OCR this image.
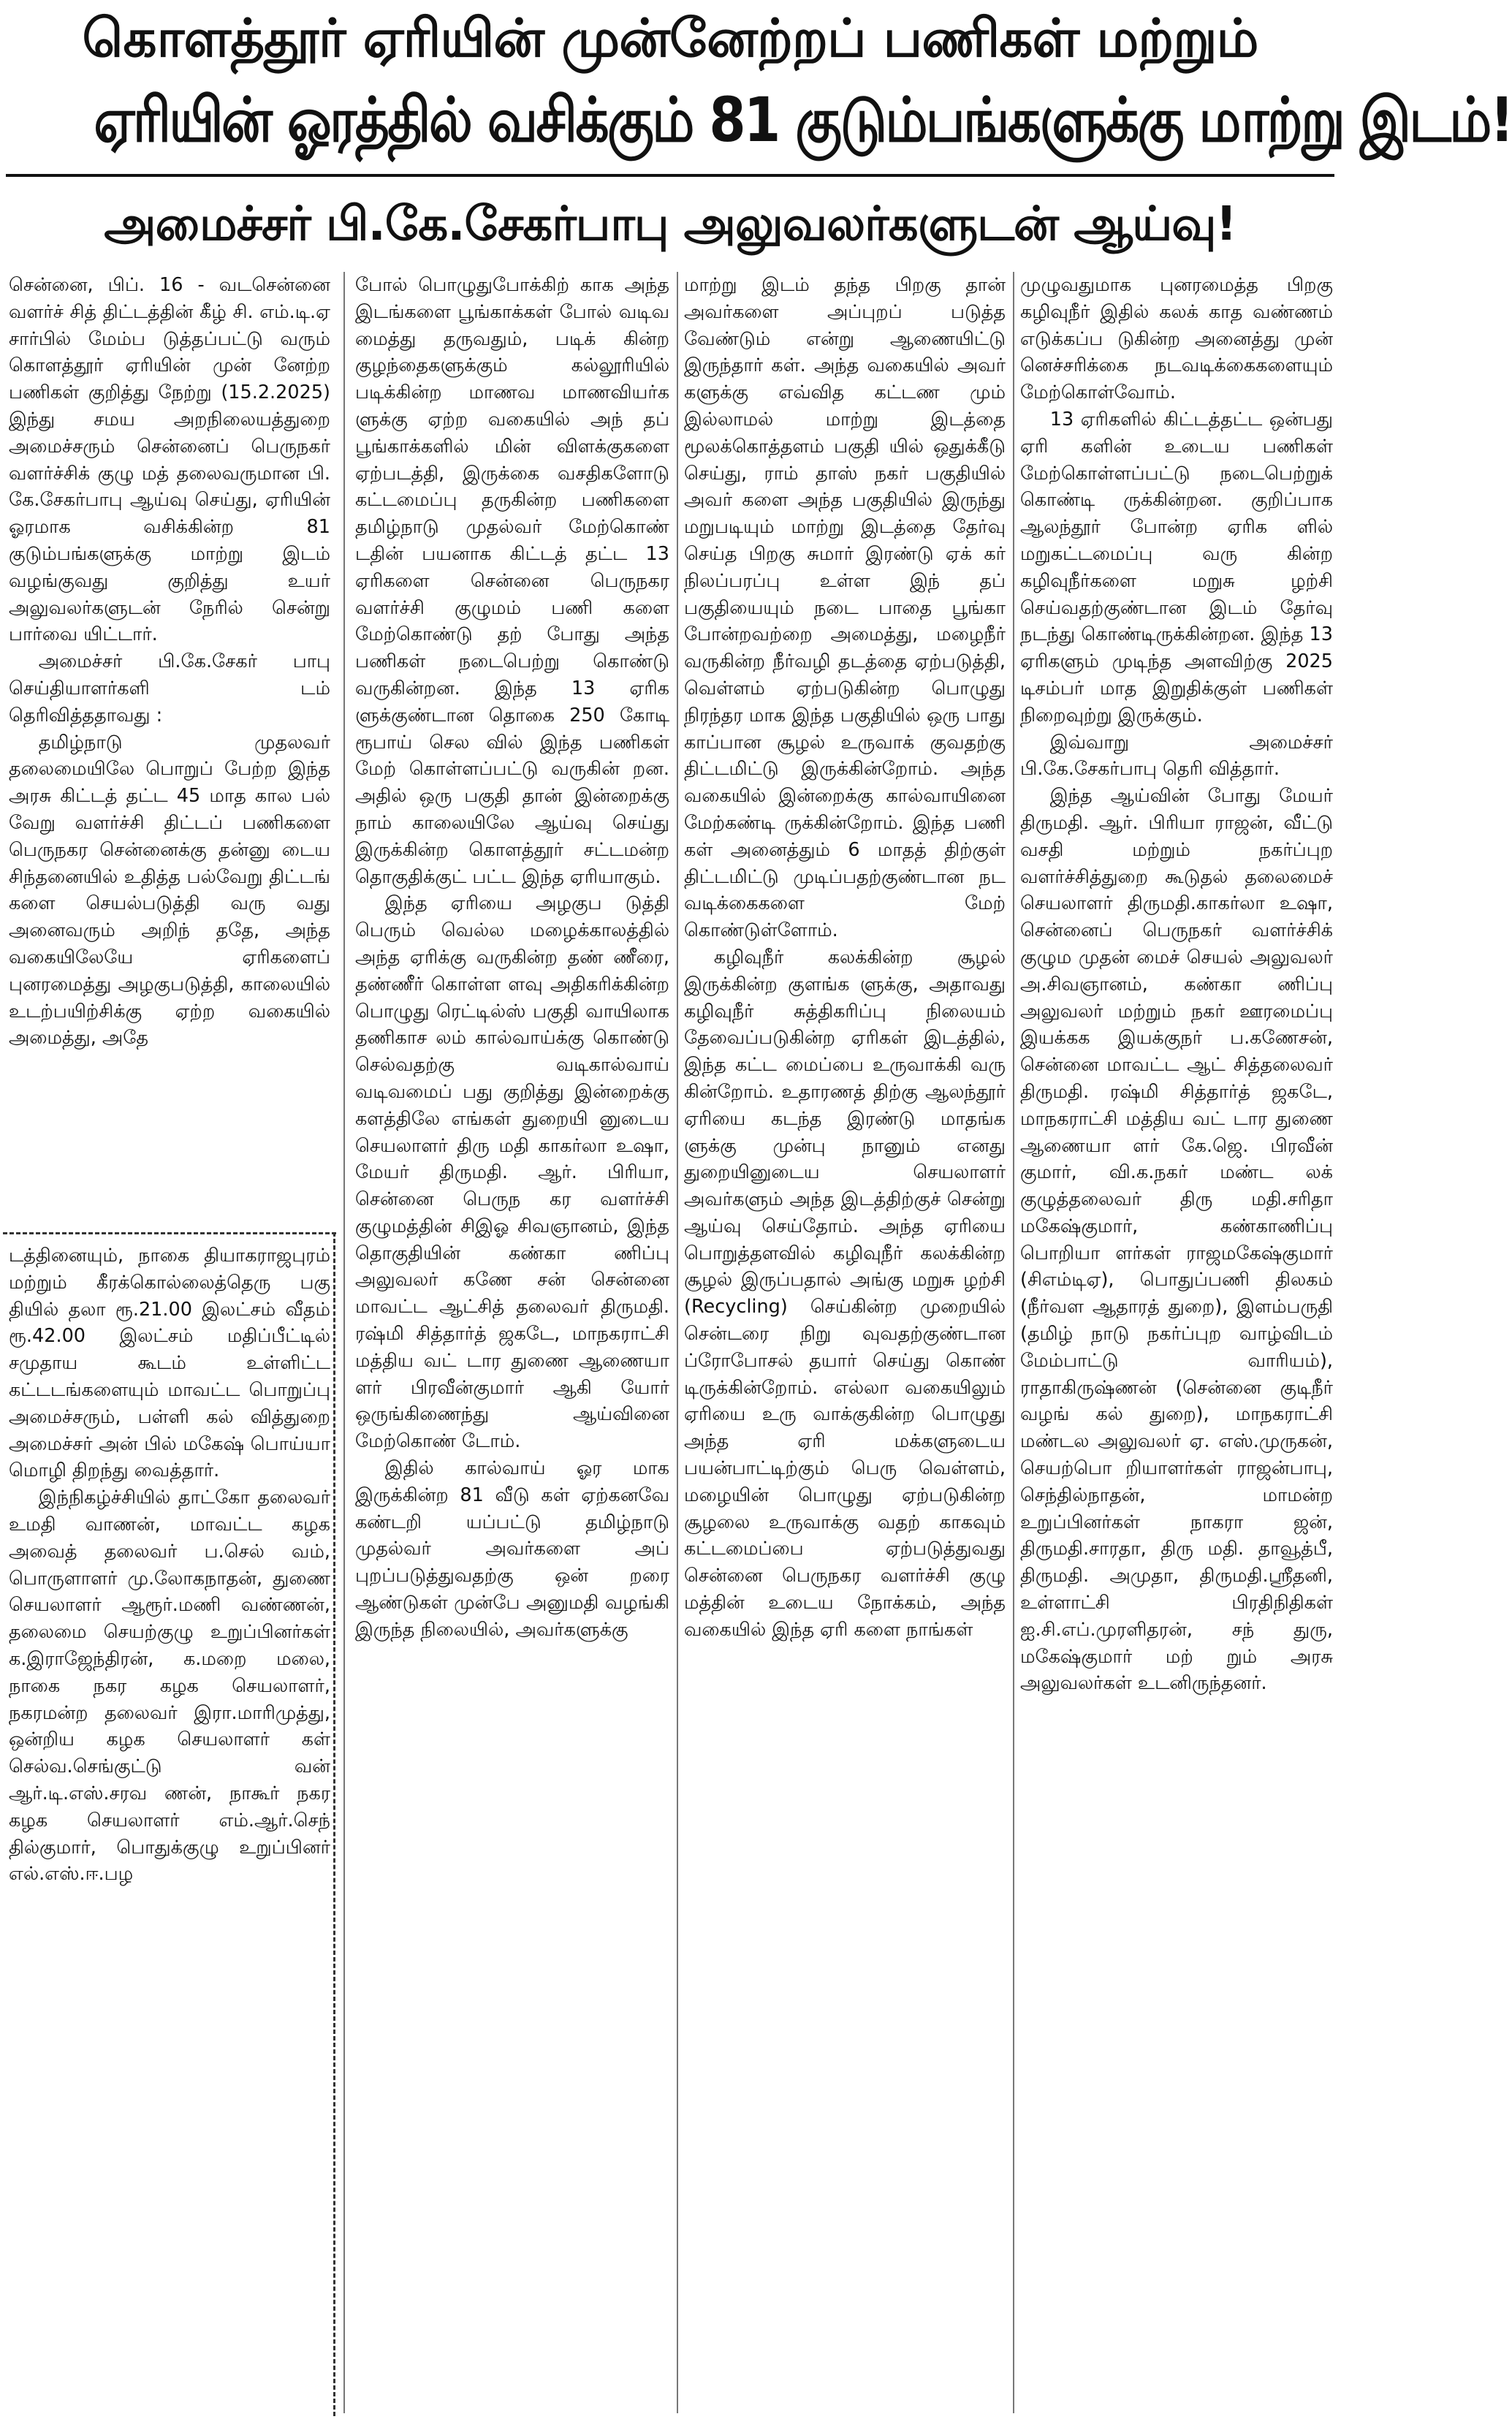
கொளத்தூர் ஏரியின் முன்னேற்றப் பணிகள் மற்றும்
ஏரியின் ஓரத்தில் வசிக்கும் 81 குடும்பங்களுக்கு மாற்று இடம்!
அமைச்சர் பி.கே.சேகர்பாபு அலுவலர்களுடன் ஆய்வு!

சென்னை, பிப். 16 - வடசென்னை வளர்ச் சித் திட்டத்தின் கீழ் சி. எம்.டி.ஏ சார்பில் மேம்ப டுத்தப்பட்டு வரும் கொளத்தூர் ஏரியின் முன் னேற்ற பணிகள் குறித்து நேற்று (15.2.2025) இந்து சமய அறநிலையத்துறை அமைச்சரும் சென்னைப் பெருநகர் வளர்ச்சிக் குழு மத் தலைவருமான பி. கே.சேகர்பாபு ஆய்வு செய்து, ஏரியின் ஓரமாக வசிக்கின்ற 81 குடும்பங்களுக்கு மாற்று இடம் வழங்குவது குறித்து உயர் அலுவலர்களுடன் நேரில் சென்று பார்வை யிட்டார்.

அமைச்சர் பி.கே.சேகர் பாபு செய்தியாளர்களி டம் தெரிவித்ததாவது :

தமிழ்நாடு முதலவர் தலைமையிலே பொறுப் பேற்ற இந்த அரசு கிட்டத் தட்ட 45 மாத கால பல் வேறு வளர்ச்சி திட்டப் பணிகளை பெருநகர சென்னைக்கு தன்னு டைய சிந்தனையில் உதித்த பல்வேறு திட்டங் களை செயல்படுத்தி வரு வது அனைவரும் அறிந் ததே, அந்த வகையிலேயே ஏரிகளைப் புனரமைத்து அழகுபடுத்தி, காலையில் உடற்பயிற்சிக்கு ஏற்ற வகையில் அமைத்து, அதே

டத்தினையும், நாகை தியாகராஜபுரம் மற்றும் கீரக்கொல்லைத்தெரு பகு தியில் தலா ரூ.21.00 இலட்சம் வீதம் ரூ.42.00 இலட்சம் மதிப்பீட்டில் சமுதாய கூடம் உள்ளிட்ட கட்டடங்களையும் மாவட்ட பொறுப்பு அமைச்சரும், பள்ளி கல் வித்துறை அமைச்சர் அன் பில் மகேஷ் பொய்யா மொழி திறந்து வைத்தார்.

இந்நிகழ்ச்சியில் தாட்கோ தலைவர் உமதி வாணன், மாவட்ட கழக அவைத் தலைவர் ப.செல் வம், பொருளாளர் மு.லோகநாதன், துணை செயலாளர் ஆரூர்.மணி வண்ணன், தலைமை செயற்குழு உறுப்பினர்கள் க.இராஜேந்திரன், க.மறை மலை, நாகை நகர கழக செயலாளர், நகரமன்ற தலைவர் இரா.மாரிமுத்து, ஒன்றிய கழக செயலாளர் கள் செல்வ.செங்குட்டு வன் ஆர்.டி.எஸ்.சரவ ணன், நாகூர் நகர கழக செயலாளர் எம்.ஆர்.செந் தில்குமார், பொதுக்குழு உறுப்பினர் எல்.எஸ்.ஈ.பழ

போல் பொழுதுபோக்கிற் காக அந்த இடங்களை பூங்காக்கள் போல் வடிவ மைத்து தருவதும், படிக் கின்ற குழந்தைகளுக்கும் கல்லூரியில் படிக்கின்ற மாணவ மாணவியர்க ளுக்கு ஏற்ற வகையில் அந் தப் பூங்காக்களில் மின் விளக்குகளை ஏற்படத்தி, இருக்கை வசதிகளோடு கட்டமைப்பு தருகின்ற பணிகளை தமிழ்நாடு முதல்வர் மேற்கொண் டதின் பயனாக கிட்டத் தட்ட 13 ஏரிகளை சென்னை பெருநகர வளர்ச்சி குழுமம் பணி களை மேற்கொண்டு தற் போது அந்த பணிகள் நடைபெற்று கொண்டு வருகின்றன. இந்த 13 ஏரிக ளுக்குண்டான தொகை 250 கோடி ரூபாய் செல வில் இந்த பணிகள் மேற் கொள்ளப்பட்டு வருகின் றன. அதில் ஒரு பகுதி தான் இன்றைக்கு நாம் காலையிலே ஆய்வு செய்து இருக்கின்ற கொளத்தூர் சட்டமன்ற தொகுதிக்குட் பட்ட இந்த ஏரியாகும்.

இந்த ஏரியை அழகுப டுத்தி பெரும் வெல்ல மழைக்காலத்தில் அந்த ஏரிக்கு வருகின்ற தண் ணீரை, தண்ணீர் கொள்ள ளவு அதிகரிக்கின்ற பொழுது ரெட்டில்ஸ் பகுதி வாயிலாக தணிகாச லம் கால்வாய்க்கு கொண்டு செல்வதற்கு வடிகால்வாய் வடிவமைப் பது குறித்து இன்றைக்கு களத்திலே எங்கள் துறையி னுடைய செயலாளர் திரு மதி காகர்லா உஷா, மேயர் திருமதி. ஆர். பிரியா, சென்னை பெருந கர வளர்ச்சி குழுமத்தின் சிஇஓ சிவஞானம், இந்த தொகுதியின் கண்கா ணிப்பு அலுவலர் கணே சன் சென்னை மாவட்ட ஆட்சித் தலைவர் திருமதி. ரஷ்மி சித்தார்த் ஜகடே, மாநகராட்சி மத்திய வட் டார துணை ஆணையா ளர் பிரவீன்குமார் ஆகி யோர் ஒருங்கிணைந்து ஆய்வினை மேற்கொண் டோம்.

இதில் கால்வாய் ஓர மாக இருக்கின்ற 81 வீடு கள் ஏற்கனவே கண்டறி யப்பட்டு தமிழ்நாடு முதல்வர் அவர்களை அப் புறப்படுத்துவதற்கு ஒன் றரை ஆண்டுகள் முன்பே அனுமதி வழங்கி இருந்த நிலையில், அவர்களுக்கு

மாற்று இடம் தந்த பிறகு தான் அவர்களை அப்புறப் படுத்த வேண்டும் என்று ஆணையிட்டு இருந்தார் கள். அந்த வகையில் அவர் களுக்கு எவ்வித கட்டண மும் இல்லாமல் மாற்று இடத்தை மூலக்கொத்தளம் பகுதி யில் ஒதுக்கீடு செய்து, ராம் தாஸ் நகர் பகுதியில் அவர் களை அந்த பகுதியில் இருந்து மறுபடியும் மாற்று இடத்தை தேர்வு செய்த பிறகு சுமார் இரண்டு ஏக் கர் நிலப்பரப்பு உள்ள இந் தப் பகுதியையும் நடை பாதை பூங்கா போன்றவற்றை அமைத்து, மழைநீர் வருகின்ற நீர்வழி தடத்தை ஏற்படுத்தி, வெள்ளம் ஏற்படுகின்ற பொழுது நிரந்தர மாக இந்த பகுதியில் ஒரு பாது காப்பான சூழல் உருவாக் குவதற்கு திட்டமிட்டு இருக்கின்றோம். அந்த வகையில் இன்றைக்கு கால்வாயினை மேற்கண்டி ருக்கின்றோம். இந்த பணி கள் அனைத்தும் 6 மாதத் திற்குள் திட்டமிட்டு முடிப்பதற்குண்டான நட வடிக்கைகளை மேற் கொண்டுள்ளோம்.

கழிவுநீர் கலக்கின்ற சூழல் இருக்கின்ற குளங்க ளுக்கு, அதாவது கழிவுநீர் சுத்திகரிப்பு நிலையம் தேவைப்படுகின்ற ஏரிகள் இடத்தில், இந்த கட்ட மைப்பை உருவாக்கி வரு கின்றோம். உதாரணத் திற்கு ஆலந்தூர் ஏரியை கடந்த இரண்டு மாதங்க ளுக்கு முன்பு நானும் எனது துறையினுடைய செயலாளர் அவர்களும் அந்த இடத்திற்குச் சென்று ஆய்வு செய்தோம். அந்த ஏரியை பொறுத்தளவில் கழிவுநீர் கலக்கின்ற சூழல் இருப்பதால் அங்கு மறுசு ழற்சி (Recycling) செய்கின்ற முறையில் சென்டரை நிறு வுவதற்குண்டான ப்ரோபோசல் தயார் செய்து கொண் டிருக்கின்றோம். எல்லா வகையிலும் ஏரியை உரு வாக்குகின்ற பொழுது அந்த ஏரி மக்களுடைய பயன்பாட்டிற்கும் பெரு வெள்ளம், மழையின் பொழுது ஏற்படுகின்ற சூழலை உருவாக்கு வதற் காகவும் கட்டமைப்பை ஏற்படுத்துவது சென்னை பெருநகர வளர்ச்சி குழு மத்தின் உடைய நோக்கம், அந்த வகையில் இந்த ஏரி களை நாங்கள்

முழுவதுமாக புனரமைத்த பிறகு கழிவுநீர் இதில் கலக் காத வண்ணம் எடுக்கப்ப டுகின்ற அனைத்து முன் னெச்சரிக்கை நடவடிக்கைகளையும் மேற்கொள்வோம்.

13 ஏரிகளில் கிட்டத்தட்ட ஒன்பது ஏரி களின் உடைய பணிகள் மேற்கொள்ளப்பட்டு நடைபெற்றுக் கொண்டி ருக்கின்றன. குறிப்பாக ஆலந்தூர் போன்ற ஏரிக ளில் மறுகட்டமைப்பு வரு கின்ற கழிவுநீர்களை மறுசு ழற்சி செய்வதற்குண்டான இடம் தேர்வு நடந்து கொண்டிருக்கின்றன. இந்த 13 ஏரிகளும் முடிந்த அளவிற்கு 2025 டிசம்பர் மாத இறுதிக்குள் பணிகள் நிறைவுற்று இருக்கும்.

இவ்வாறு அமைச்சர் பி.கே.சேகர்பாபு தெரி வித்தார்.

இந்த ஆய்வின் போது மேயர் திருமதி. ஆர். பிரியா ராஜன், வீட்டு வசதி மற்றும் நகர்ப்புற வளர்ச்சித்துறை கூடுதல் தலைமைச் செயலாளர் திருமதி.காகர்லா உஷா, சென்னைப் பெருநகர் வளர்ச்சிக் குழும முதன் மைச் செயல் அலுவலர் அ.சிவஞானம், கண்கா ணிப்பு அலுவலர் மற்றும் நகர் ஊரமைப்பு இயக்கக இயக்குநர் ப.கணேசன், சென்னை மாவட்ட ஆட் சித்தலைவர் திருமதி. ரஷ்மி சித்தார்த் ஜகடே, மாநகராட்சி மத்திய வட் டார துணை ஆணையா ளர் கே.ஜெ. பிரவீன் குமார், வி.க.நகர் மண்ட லக் குழுத்தலைவர் திரு மதி.சரிதா மகேஷ்குமார், கண்காணிப்பு பொறியா ளர்கள் ராஜமகேஷ்குமார் (சிஎம்டிஏ), பொதுப்பணி திலகம் (நீர்வள ஆதாரத் துறை), இளம்பருதி (தமிழ் நாடு நகர்ப்புற வாழ்விடம் மேம்பாட்டு வாரியம்), ராதாகிருஷ்ணன் (சென்னை குடிநீர் வழங் கல் துறை), மாநகராட்சி மண்டல அலுவலர் ஏ. எஸ்.முருகன், செயற்பொ றியாளர்கள் ராஜன்பாபு, செந்தில்நாதன், மாமன்ற உறுப்பினர்கள் நாகரா ஜன், திருமதி.சாரதா, திரு மதி. தாவூத்பீ, திருமதி. அமுதா, திருமதி.ஸ்ரீதனி, உள்ளாட்சி பிரதிநிதிகள் ஐ.சி.எப்.முரளிதரன், சந் துரு, மகேஷ்குமார் மற் றும் அரசு அலுவலர்கள் உடனிருந்தனர்.
